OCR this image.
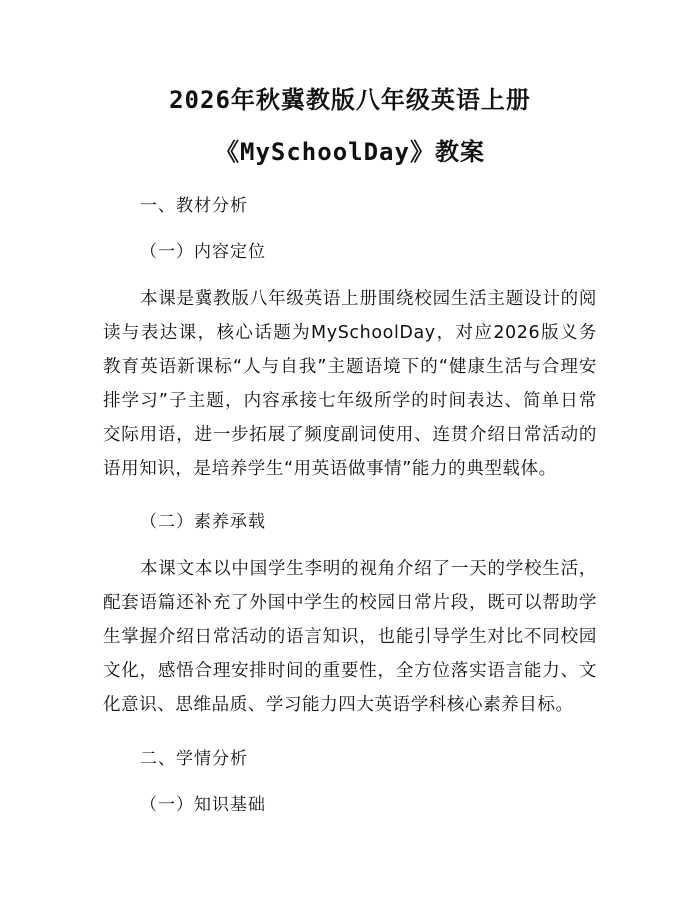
2026年秋冀教版八年级英语上册
《MySchoolDay》教案
一、教材分析
（一）内容定位
本课是冀教版八年级英语上册围绕校园生活主题设计的阅读与表达课，核心话题为MySchoolDay，对应2026版义务教育英语新课标“人与自我”主题语境下的“健康生活与合理安排学习”子主题，内容承接七年级所学的时间表达、简单日常交际用语，进一步拓展了频度副词使用、连贯介绍日常活动的语用知识，是培养学生“用英语做事情”能力的典型载体。
（二）素养承载
本课文本以中国学生李明的视角介绍了一天的学校生活，配套语篇还补充了外国中学生的校园日常片段，既可以帮助学生掌握介绍日常活动的语言知识，也能引导学生对比不同校园文化，感悟合理安排时间的重要性，全方位落实语言能力、文化意识、思维品质、学习能力四大英语学科核心素养目标。
二、学情分析
（一）知识基础
